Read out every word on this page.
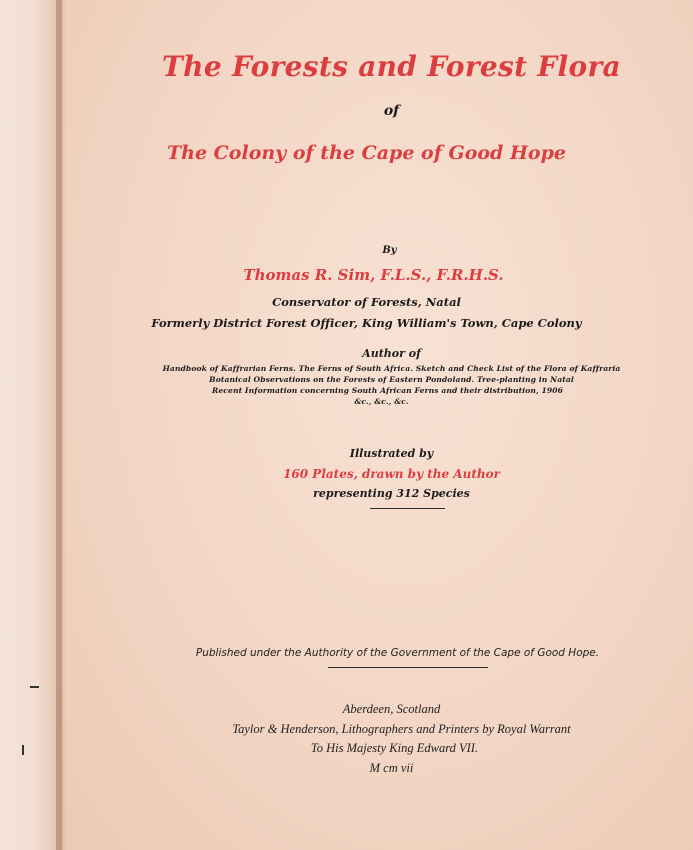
The Forests and Forest Flora
of
The Colony of the Cape of Good Hope
By
Thomas R. Sim, F.L.S., F.R.H.S.
Conservator of Forests, Natal
Formerly District Forest Officer, King William's Town, Cape Colony
Author of
Handbook of Kaffrarian Ferns. The Ferns of South Africa. Sketch and Check List of the Flora of Kaffraria
Botanical Observations on the Forests of Eastern Pondoland. Tree-planting in Natal
Recent Information concerning South African Ferns and their distribution, 1906
&c., &c., &c.
Illustrated by
160 Plates, drawn by the Author
representing 312 Species
Published under the Authority of the Government of the Cape of Good Hope.
Aberdeen, Scotland
Taylor & Henderson, Lithographers and Printers by Royal Warrant
To His Majesty King Edward VII.
M cm vii
